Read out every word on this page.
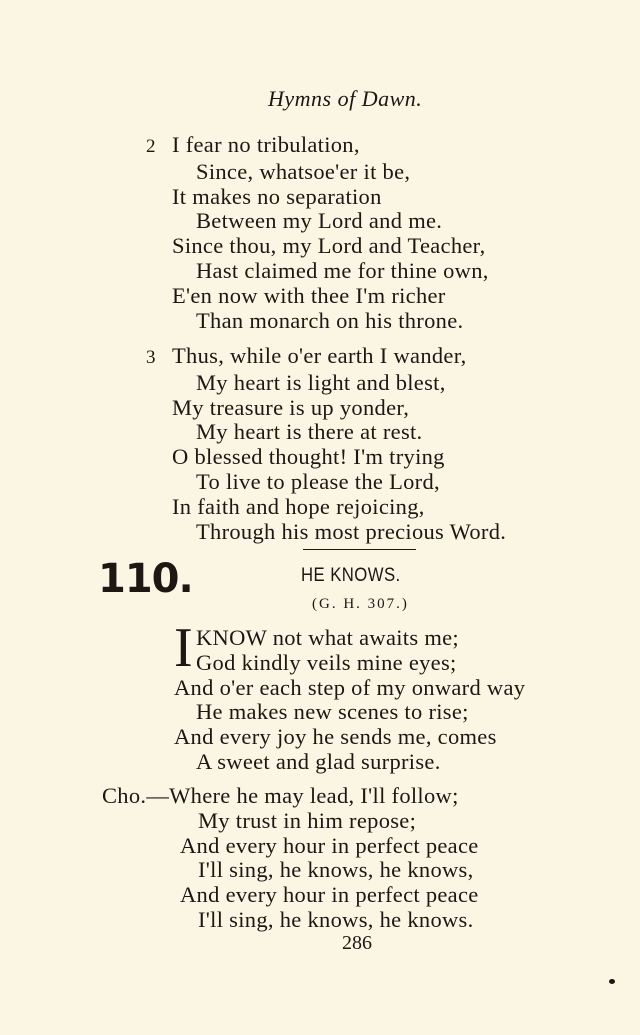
Hymns of Dawn.
2 I fear no tribulation,
Since, whatsoe'er it be,
It makes no separation
Between my Lord and me.
Since thou, my Lord and Teacher,
Hast claimed me for thine own,
E'en now with thee I'm richer
Than monarch on his throne.
3 Thus, while o'er earth I wander,
My heart is light and blest,
My treasure is up yonder,
My heart is there at rest.
O blessed thought! I'm trying
To live to please the Lord,
In faith and hope rejoicing,
Through his most precious Word.
110.	HE KNOWS.
(G. H. 307.)
I KNOW not what awaits me;
God kindly veils mine eyes;
And o'er each step of my onward way
He makes new scenes to rise;
And every joy he sends me, comes
A sweet and glad surprise.
Cho.—Where he may lead, I'll follow;
My trust in him repose;
And every hour in perfect peace
I'll sing, he knows, he knows,
And every hour in perfect peace
I'll sing, he knows, he knows.
286
